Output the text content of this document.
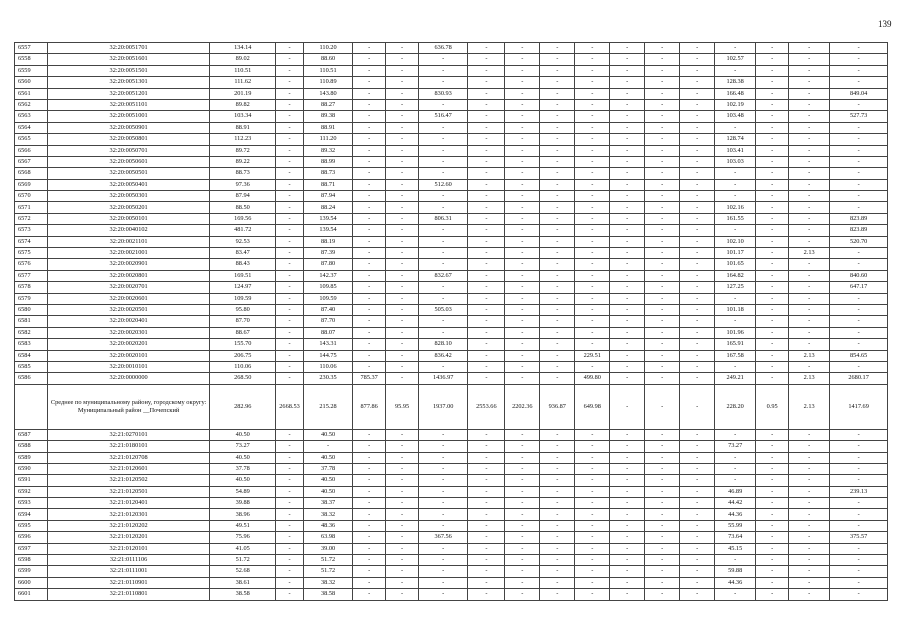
139
6557	32:20:0051701	134.14	-	110.20	-	-	636.78	-	-	-	-	-	-	-	-	-	-	-
6558	32:20:0051601	89.02	-	88.60	-	-	-	-	-	-	-	-	-	-	102.57	-	-	-
6559	32:20:0051501	110.51	-	110.51	-	-	-	-	-	-	-	-	-	-	-	-	-	-
6560	32:20:0051301	111.62	-	110.89	-	-	-	-	-	-	-	-	-	-	128.38	-	-	-
6561	32:20:0051201	201.19	-	143.80	-	-	830.93	-	-	-	-	-	-	-	166.48	-	-	849.04
6562	32:20:0051101	89.82	-	88.27	-	-	-	-	-	-	-	-	-	-	102.19	-	-	-
6563	32:20:0051001	103.34	-	89.38	-	-	516.47	-	-	-	-	-	-	-	103.48	-	-	527.73
6564	32:20:0050901	88.91	-	88.91	-	-	-	-	-	-	-	-	-	-	-	-	-	-
6565	32:20:0050801	112.23	-	111.20	-	-	-	-	-	-	-	-	-	-	128.74	-	-	-
6566	32:20:0050701	89.72	-	89.32	-	-	-	-	-	-	-	-	-	-	103.41	-	-	-
6567	32:20:0050601	89.22	-	88.99	-	-	-	-	-	-	-	-	-	-	103.03	-	-	-
6568	32:20:0050501	88.73	-	88.73	-	-	-	-	-	-	-	-	-	-	-	-	-	-
6569	32:20:0050401	97.36	-	88.71	-	-	512.60	-	-	-	-	-	-	-	-	-	-	-
6570	32:20:0050301	87.94	-	87.94	-	-	-	-	-	-	-	-	-	-	-	-	-	-
6571	32:20:0050201	88.50	-	88.24	-	-	-	-	-	-	-	-	-	-	102.16	-	-	-
6572	32:20:0050101	169.56	-	139.54	-	-	806.31	-	-	-	-	-	-	-	161.55	-	-	823.89
6573	32:20:0040102	481.72	-	139.54	-	-	-	-	-	-	-	-	-	-	-	-	-	823.89
6574	32:20:0021101	92.53	-	88.19	-	-	-	-	-	-	-	-	-	-	102.10	-	-	520.70
6575	32:20:0021001	83.47	-	87.39	-	-	-	-	-	-	-	-	-	-	101.17	-	2.13	-
6576	32:20:0020901	88.43	-	87.80	-	-	-	-	-	-	-	-	-	-	101.65	-	-	-
6577	32:20:0020801	169.51	-	142.37	-	-	832.67	-	-	-	-	-	-	-	164.82	-	-	840.60
6578	32:20:0020701	124.97	-	109.85	-	-	-	-	-	-	-	-	-	-	127.25	-	-	647.17
6579	32:20:0020601	109.59	-	109.59	-	-	-	-	-	-	-	-	-	-	-	-	-	-
6580	32:20:0020501	95.80	-	87.40	-	-	505.03	-	-	-	-	-	-	-	101.18	-	-	-
6581	32:20:0020401	87.70	-	87.70	-	-	-	-	-	-	-	-	-	-	-	-	-	-
6582	32:20:0020301	88.67	-	88.07	-	-	-	-	-	-	-	-	-	-	101.96	-	-	-
6583	32:20:0020201	155.70	-	143.31	-	-	828.10	-	-	-	-	-	-	-	165.91	-	-	-
6584	32:20:0020101	206.75	-	144.75	-	-	836.42	-	-	-	229.51	-	-	-	167.58	-	2.13	854.65
6585	32:20:0010101	110.06	-	110.06	-	-	-	-	-	-	-	-	-	-	-	-	-	-
6586	32:20:0000000	268.50	-	230.35	785.37	-	1436.97	-	-	-	499.80	-	-	-	249.21	-	2.13	2680.17
	Среднее по муниципальному району, городскому округу: Муниципальный район __Почепский	282.96	2668.53	215.28	877.86	95.95	1937.00	2553.66	2202.36	936.87	649.98	-	-	-	228.20	0.95	2.13	1417.69
6587	32:21:0270101	40.50	-	40.50	-	-	-	-	-	-	-	-	-	-	-	-	-	-
6588	32:21:0180101	73.27	-	-	-	-	-	-	-	-	-	-	-	-	73.27	-	-	-
6589	32:21:0120708	40.50	-	40.50	-	-	-	-	-	-	-	-	-	-	-	-	-	-
6590	32:21:0120601	37.78	-	37.78	-	-	-	-	-	-	-	-	-	-	-	-	-	-
6591	32:21:0120502	40.50	-	40.50	-	-	-	-	-	-	-	-	-	-	-	-	-	-
6592	32:21:0120501	54.89	-	40.50	-	-	-	-	-	-	-	-	-	-	46.89	-	-	239.13
6593	32:21:0120401	39.88	-	38.37	-	-	-	-	-	-	-	-	-	-	44.42	-	-	-
6594	32:21:0120301	38.96	-	38.32	-	-	-	-	-	-	-	-	-	-	44.36	-	-	-
6595	32:21:0120202	49.51	-	48.36	-	-	-	-	-	-	-	-	-	-	55.99	-	-	-
6596	32:21:0120201	75.96	-	63.98	-	-	367.56	-	-	-	-	-	-	-	73.64	-	-	375.57
6597	32:21:0120101	41.05	-	39.00	-	-	-	-	-	-	-	-	-	-	45.15	-	-	-
6598	32:21:0111106	51.72	-	51.72	-	-	-	-	-	-	-	-	-	-	-	-	-	-
6599	32:21:0111001	52.68	-	51.72	-	-	-	-	-	-	-	-	-	-	59.88	-	-	-
6600	32:21:0110901	38.61	-	38.32	-	-	-	-	-	-	-	-	-	-	44.36	-	-	-
6601	32:21:0110801	38.58	-	38.58	-	-	-	-	-	-	-	-	-	-	-	-	-	-
